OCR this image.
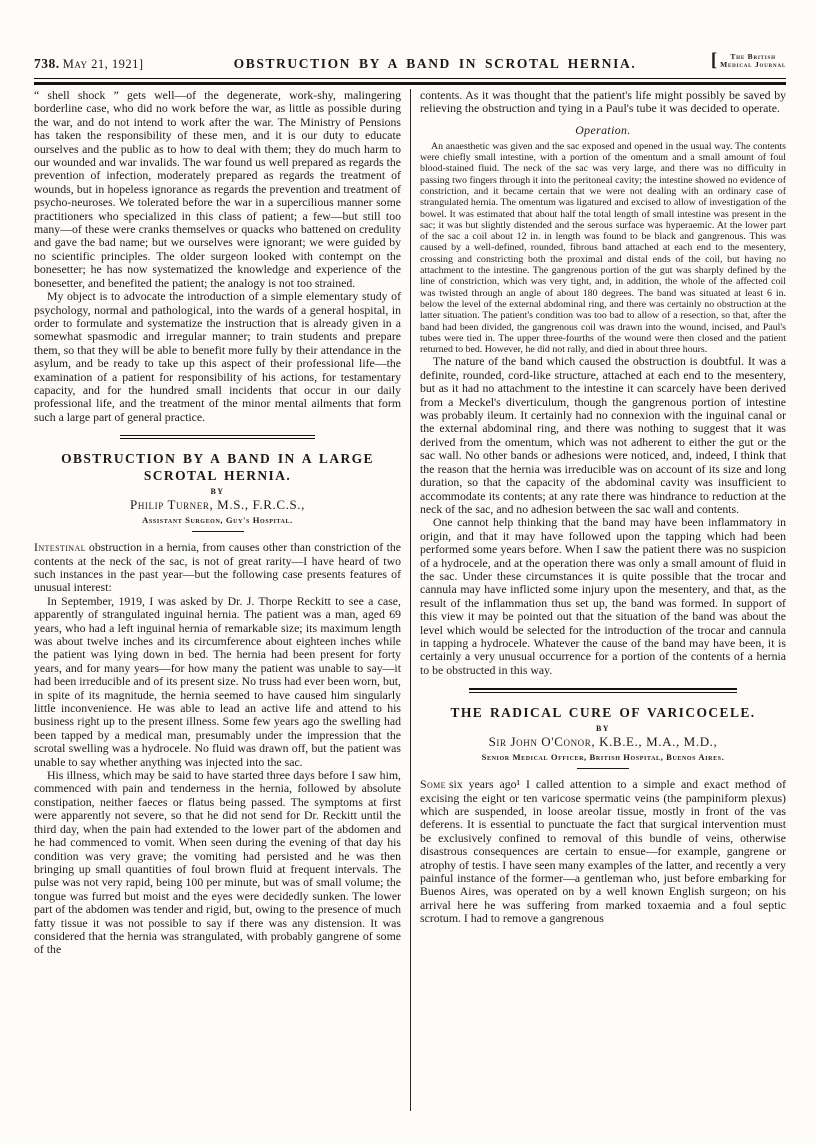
738. May 21, 1921]	OBSTRUCTION BY A BAND IN SCROTAL HERNIA.	[	The British
Medical Journal

“ shell shock ” gets well—of the degenerate, work-shy, malingering borderline case, who did no work before the war, as little as possible during the war, and do not intend to work after the war. The Ministry of Pensions has taken the responsibility of these men, and it is our duty to educate ourselves and the public as to how to deal with them; they do much harm to our wounded and war invalids. The war found us well prepared as regards the prevention of infection, moderately prepared as regards the treatment of wounds, but in hopeless ignorance as regards the prevention and treatment of psycho-neuroses. We tolerated before the war in a supercilious manner some practitioners who specialized in this class of patient; a few—but still too many—of these were cranks themselves or quacks who battened on credulity and gave the bad name; but we ourselves were ignorant; we were guided by no scientific principles. The older surgeon looked with contempt on the bonesetter; he has now systematized the knowledge and experience of the bonesetter, and benefited the patient; the analogy is not too strained.

My object is to advocate the introduction of a simple elementary study of psychology, normal and pathological, into the wards of a general hospital, in order to formulate and systematize the instruction that is already given in a somewhat spasmodic and irregular manner; to train students and prepare them, so that they will be able to benefit more fully by their attendance in the asylum, and be ready to take up this aspect of their professional life—the examination of a patient for responsibility of his actions, for testamentary capacity, and for the hundred small incidents that occur in our daily professional life, and the treatment of the minor mental ailments that form such a large part of general practice.

OBSTRUCTION BY A BAND IN A LARGE
SCROTAL HERNIA.
BY
Philip Turner, M.S., F.R.C.S.,
Assistant Surgeon, Guy's Hospital.

Intestinal obstruction in a hernia, from causes other than constriction of the contents at the neck of the sac, is not of great rarity—I have heard of two such instances in the past year—but the following case presents features of unusual interest:

In September, 1919, I was asked by Dr. J. Thorpe Reckitt to see a case, apparently of strangulated inguinal hernia. The patient was a man, aged 69 years, who had a left inguinal hernia of remarkable size; its maximum length was about twelve inches and its circumference about eighteen inches while the patient was lying down in bed. The hernia had been present for forty years, and for many years—for how many the patient was unable to say—it had been irreducible and of its present size. No truss had ever been worn, but, in spite of its magnitude, the hernia seemed to have caused him singularly little inconvenience. He was able to lead an active life and attend to his business right up to the present illness. Some few years ago the swelling had been tapped by a medical man, presumably under the impression that the scrotal swelling was a hydrocele. No fluid was drawn off, but the patient was unable to say whether anything was injected into the sac.

His illness, which may be said to have started three days before I saw him, commenced with pain and tenderness in the hernia, followed by absolute constipation, neither faeces or flatus being passed. The symptoms at first were apparently not severe, so that he did not send for Dr. Reckitt until the third day, when the pain had extended to the lower part of the abdomen and he had commenced to vomit. When seen during the evening of that day his condition was very grave; the vomiting had persisted and he was then bringing up small quantities of foul brown fluid at frequent intervals. The pulse was not very rapid, being 100 per minute, but was of small volume; the tongue was furred but moist and the eyes were decidedly sunken. The lower part of the abdomen was tender and rigid, but, owing to the presence of much fatty tissue it was not possible to say if there was any distension. It was considered that the hernia was strangulated, with probably gangrene of some of the

contents. As it was thought that the patient's life might possibly be saved by relieving the obstruction and tying in a Paul's tube it was decided to operate.

Operation.

An anaesthetic was given and the sac exposed and opened in the usual way. The contents were chiefly small intestine, with a portion of the omentum and a small amount of foul blood-stained fluid. The neck of the sac was very large, and there was no difficulty in passing two fingers through it into the peritoneal cavity; the intestine showed no evidence of constriction, and it became certain that we were not dealing with an ordinary case of strangulated hernia. The omentum was ligatured and excised to allow of investigation of the bowel. It was estimated that about half the total length of small intestine was present in the sac; it was but slightly distended and the serous surface was hyperaemic. At the lower part of the sac a coil about 12 in. in length was found to be black and gangrenous. This was caused by a well-defined, rounded, fibrous band attached at each end to the mesentery, crossing and constricting both the proximal and distal ends of the coil, but having no attachment to the intestine. The gangrenous portion of the gut was sharply defined by the line of constriction, which was very tight, and, in addition, the whole of the affected coil was twisted through an angle of about 180 degrees. The band was situated at least 6 in. below the level of the external abdominal ring, and there was certainly no obstruction at the latter situation. The patient's condition was too bad to allow of a resection, so that, after the band had been divided, the gangrenous coil was drawn into the wound, incised, and Paul's tubes were tied in. The upper three-fourths of the wound were then closed and the patient returned to bed. However, he did not rally, and died in about three hours.

The nature of the band which caused the obstruction is doubtful. It was a definite, rounded, cord-like structure, attached at each end to the mesentery, but as it had no attachment to the intestine it can scarcely have been derived from a Meckel's diverticulum, though the gangrenous portion of intestine was probably ileum. It certainly had no connexion with the inguinal canal or the external abdominal ring, and there was nothing to suggest that it was derived from the omentum, which was not adherent to either the gut or the sac wall. No other bands or adhesions were noticed, and, indeed, I think that the reason that the hernia was irreducible was on account of its size and long duration, so that the capacity of the abdominal cavity was insufficient to accommodate its contents; at any rate there was hindrance to reduction at the neck of the sac, and no adhesion between the sac wall and contents.

One cannot help thinking that the band may have been inflammatory in origin, and that it may have followed upon the tapping which had been performed some years before. When I saw the patient there was no suspicion of a hydrocele, and at the operation there was only a small amount of fluid in the sac. Under these circumstances it is quite possible that the trocar and cannula may have inflicted some injury upon the mesentery, and that, as the result of the inflammation thus set up, the band was formed. In support of this view it may be pointed out that the situation of the band was about the level which would be selected for the introduction of the trocar and cannula in tapping a hydrocele. Whatever the cause of the band may have been, it is certainly a very unusual occurrence for a portion of the contents of a hernia to be obstructed in this way.

THE RADICAL CURE OF VARICOCELE.
BY
Sir John O'Conor, K.B.E., M.A., M.D.,
Senior Medical Officer, British Hospital, Buenos Aires.

Some six years ago¹ I called attention to a simple and exact method of excising the eight or ten varicose spermatic veins (the pampiniform plexus) which are suspended, in loose areolar tissue, mostly in front of the vas deferens. It is essential to punctuate the fact that surgical intervention must be exclusively confined to removal of this bundle of veins, otherwise disastrous consequences are certain to ensue—for example, gangrene or atrophy of testis. I have seen many examples of the latter, and recently a very painful instance of the former—a gentleman who, just before embarking for Buenos Aires, was operated on by a well known English surgeon; on his arrival here he was suffering from marked toxaemia and a foul septic scrotum. I had to remove a gangrenous
